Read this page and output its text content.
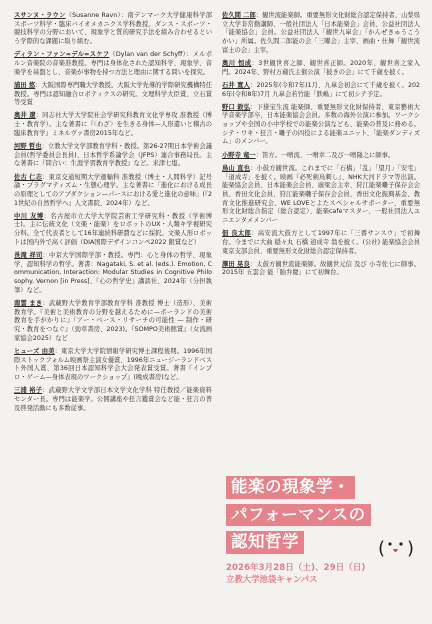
スサンヌ・ラウン（Susanne Ravn）：南デンマーク大学健康科学部スポーツ科学・臨床バイオメカニクス学科教授。ダンス・スポーツ・競技科学の分野において、現象学と質的研究手法を組み合わせるという学際的な課題に取り組む。

ディラン・ファン=デル=スケフ（Dylan van der Schyff）：メルボルン音楽院の音楽准教授。専門は身体化された認知科学、現象学、音楽学を基盤とし、音楽が事物を持つ方法と理由に関する問いを探究。

浦田 悠：大阪国際専門職大学教授。大阪大学先導的学際研究機構特任教授。専門は認知融合ロボティクスの研究。文理科学大臣賞、立石賞等受賞

奥井 遼：同志社大学大学院社会学研究科教育文化学専攻 准教授（博士・教育学）。主な著書に『〈わざ〉を生きる身体—人形遣いと稽古の臨床教育学』ミネルヴァ書房2015年など。

河野 哲也：立教大学文学部教育学科・教授。第26-27期日本学術会議会員(哲学委員会長員)、日本哲学系論学会（JFPS）連合事務局長。主な著書に『問合い：生涯学習教育学教授』など。来津七塩。

佐古 仁志：東京交通短期大学運輸科 准教授（博士・人間科学）記号論・プラグマティズム・生態心理学。主な著書に「進化における成長の原理としてのアブダクション—パースにおける愛と進化の意味」(『21世紀の自然哲学へ』人文書院、2024年）など。

中川 友博：名古屋市立大学大学院芸術工学研究科・教授（学術博士)。主に伝統文化（文楽・能楽）をロボットのUX・人類キ学視研究分科。全て代表者として16年連続科研費などに採択。文楽人形ロボットは国内外で高く評価（DIA国際デザインコンペ2022 銀賞など）

長滝 祥司：中京大学国際学部・教授。専門：心と身体の哲学、現象学、認知科学の哲学。著書：Nagataki, S. et al. (eds.). Emotion, Communication, Interaction: Modular Studies in Cognitive Philosophy. Vernon [in Press]、『心の哲学史』講談社、2024年（分担執筆）など。

南雲 まき：武蔵野大学教育学部教育学科 准教授 博士（造形）、美術教育学。『美術と美術教育の分野を越えるために—ボーランドの美術教育を手がかりに』『アー・ベース・リサーチの可能性 — 制作・研究・教育をつなぐ』（勁草書房、2023)。『SOMPO美術館賞』（女流画家協会2025）など

ヒューズ 由美：東京大学大学院情報学研究博士課程後期。1996年国際ストックフォルム映画祭主演女優賞、1996年ニュージーランドベスト外国人賞、第36回日本認知科学会大会発表賞受賞。著書『インプロ・ゲーム—身体表現のワークショップ』(晩成書房)など。

三浦 裕子：武蔵野大学文学部日本文学文化学科 特任教授／能楽資料センター長。専門は能楽学。公開講座や狂言鑑賞会など能・狂言の普及啓発活動にも多数従事。

佐久間 二郎：観世流能楽師。重要無形文化財総合認定保持者、山梨県立大学非常勤講師、一般社団法人「日本能楽会」会員、公益社団法人「能楽協会」会員。公益社団法人「観世九皐会」「かんぜきゅうこうかい」所属。佐久間二郎能の会「三曜会」主宰、画曲・仕舞「観世流 富士の会」主宰。

奥川 恒成：3世観世喜之師、観世喜正師。2020年、観世喜之家入門。2024年、野村万蔵氏主催公演「披きの会」にて千歳を披く。

石井 寛人：2025年(令和7年)1月、九皐会初会にて千歳を披く。2026年(令和8年)7月 九皐会若竹能「鉄嶋」にて初シテ予定。

野口 敦弘：下掛宝生流 能楽師、重要無形文化財保持者、東京藝術大学音楽学部卒、日本能楽協会会員。多数の海外公演に参加。ワークショップや全国の小中学校での能楽公演なども、能楽の普及に務める。シテ・ワキ・狂言・囃子の四役による能楽ユニット、「能楽ダンディズム」のメンバー。

小野寺 竜一：笛方。一噌流、一噌幸二及び一噌隆之に師事。

鳥山 直也：小鼓方観世流。これまでに「石橋」「乱」「望月」「安宅」「道成寺」を披く。映画『必死剣鳥刺し』、NHK大河ドラマ等出演。能楽協会会員、日本能楽会会員、廣梁会主幸、狩江能楽囃子保存会会員、香田文化会員、狩江能楽囃子保存会会員、香田文化振興基金、教育文化推進研究会、WE LOVEとよたスペシャルサポーター、重要無形文化財総合指定（総合認定）、能楽cafeマスター、一般社団法人ユニエンタメメンバー

佃 良太郎：高安流大鼓方として1997年に「三番サンスウ」で初舞台。今までに大曲 穏々丸 石橋 道成寺 翁を披く。(公社) 能楽協会会員 東京支部会員、重要無形文化財総合認定保持者。

澤田 晃良：太鼓方観世流能楽師。故観世元信 及び 小寺佐七に師事。2015年 五雲会 能「胎弁慶」にて初舞台。

能楽の現象学・
パフォーマンスの
認知哲学	( )
2026年3月28日（土)、29日（日)
立教大学池袋キャンパス
